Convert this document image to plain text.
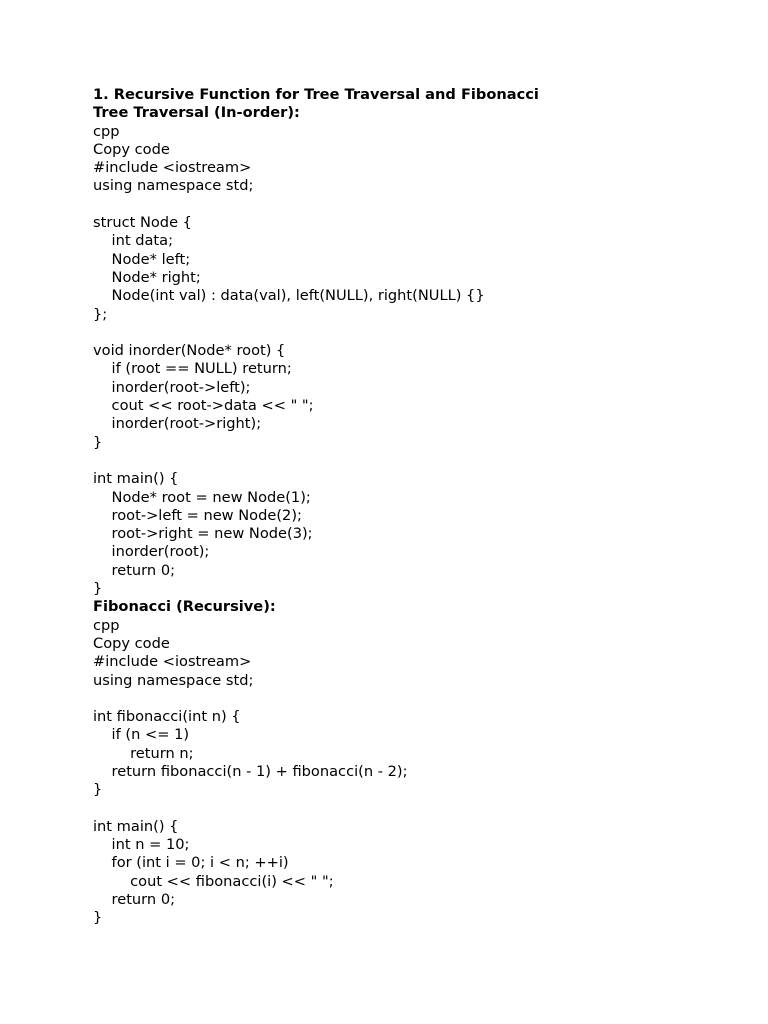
1. Recursive Function for Tree Traversal and Fibonacci
Tree Traversal (In-order):
cpp
Copy code
#include <iostream>
using namespace std;
struct Node {
int data;
Node* left;
Node* right;
Node(int val) : data(val), left(NULL), right(NULL) {}
};
void inorder(Node* root) {
if (root == NULL) return;
inorder(root->left);
cout << root->data << " ";
inorder(root->right);
}
int main() {
Node* root = new Node(1);
root->left = new Node(2);
root->right = new Node(3);
inorder(root);
return 0;
}
Fibonacci (Recursive):
cpp
Copy code
#include <iostream>
using namespace std;
int fibonacci(int n) {
if (n <= 1)
return n;
return fibonacci(n - 1) + fibonacci(n - 2);
}
int main() {
int n = 10;
for (int i = 0; i < n; ++i)
cout << fibonacci(i) << " ";
return 0;
}
